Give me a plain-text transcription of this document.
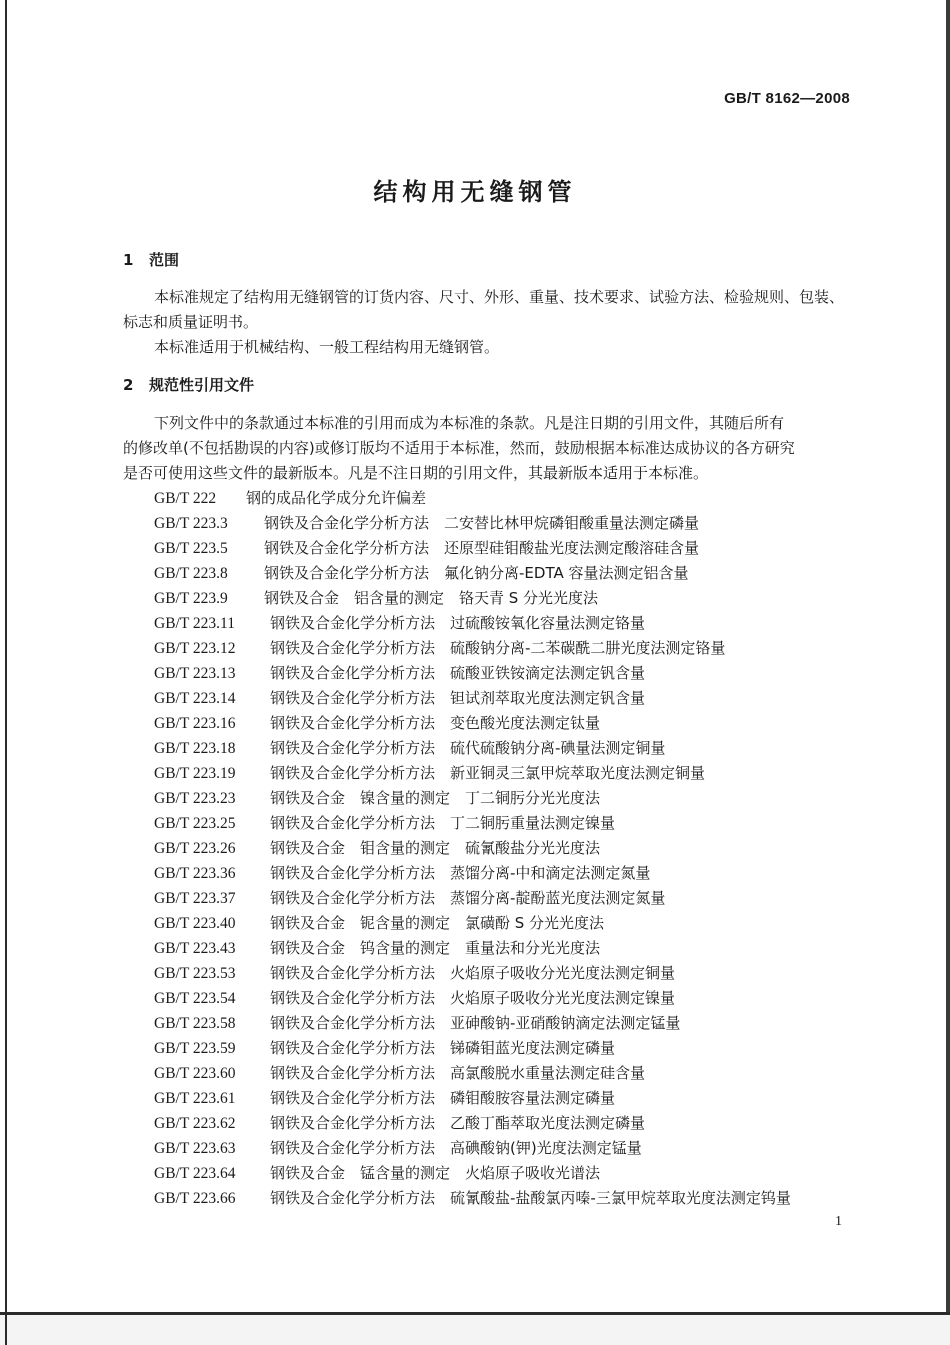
GB/T 8162—2008
结构用无缝钢管
1 范围
本标准规定了结构用无缝钢管的订货内容、尺寸、外形、重量、技术要求、试验方法、检验规则、包装、
标志和质量证明书。
本标准适用于机械结构、一般工程结构用无缝钢管。
2 规范性引用文件
下列文件中的条款通过本标准的引用而成为本标准的条款。凡是注日期的引用文件，其随后所有
的修改单(不包括勘误的内容)或修订版均不适用于本标准，然而，鼓励根据本标准达成协议的各方研究
是否可使用这些文件的最新版本。凡是不注日期的引用文件，其最新版本适用于本标准。
GB/T 222 钢的成品化学成分允许偏差
GB/T 223.3 钢铁及合金化学分析方法　二安替比林甲烷磷钼酸重量法测定磷量
GB/T 223.5 钢铁及合金化学分析方法　还原型硅钼酸盐光度法测定酸溶硅含量
GB/T 223.8 钢铁及合金化学分析方法　氟化钠分离-EDTA 容量法测定铝含量
GB/T 223.9 钢铁及合金　铝含量的测定　铬天青 S 分光光度法
GB/T 223.11 钢铁及合金化学分析方法　过硫酸铵氧化容量法测定铬量
GB/T 223.12 钢铁及合金化学分析方法　硫酸钠分离-二苯碳酰二肼光度法测定铬量
GB/T 223.13 钢铁及合金化学分析方法　硫酸亚铁铵滴定法测定钒含量
GB/T 223.14 钢铁及合金化学分析方法　钽试剂萃取光度法测定钒含量
GB/T 223.16 钢铁及合金化学分析方法　变色酸光度法测定钛量
GB/T 223.18 钢铁及合金化学分析方法　硫代硫酸钠分离-碘量法测定铜量
GB/T 223.19 钢铁及合金化学分析方法　新亚铜灵三氯甲烷萃取光度法测定铜量
GB/T 223.23 钢铁及合金　镍含量的测定　丁二铜肟分光光度法
GB/T 223.25 钢铁及合金化学分析方法　丁二铜肟重量法测定镍量
GB/T 223.26 钢铁及合金　钼含量的测定　硫氰酸盐分光光度法
GB/T 223.36 钢铁及合金化学分析方法　蒸馏分离-中和滴定法测定氮量
GB/T 223.37 钢铁及合金化学分析方法　蒸馏分离-靛酚蓝光度法测定氮量
GB/T 223.40 钢铁及合金　铌含量的测定　氯磺酚 S 分光光度法
GB/T 223.43 钢铁及合金　钨含量的测定　重量法和分光光度法
GB/T 223.53 钢铁及合金化学分析方法　火焰原子吸收分光光度法测定铜量
GB/T 223.54 钢铁及合金化学分析方法　火焰原子吸收分光光度法测定镍量
GB/T 223.58 钢铁及合金化学分析方法　亚砷酸钠-亚硝酸钠滴定法测定锰量
GB/T 223.59 钢铁及合金化学分析方法　锑磷钼蓝光度法测定磷量
GB/T 223.60 钢铁及合金化学分析方法　高氯酸脱水重量法测定硅含量
GB/T 223.61 钢铁及合金化学分析方法　磷钼酸胺容量法测定磷量
GB/T 223.62 钢铁及合金化学分析方法　乙酸丁酯萃取光度法测定磷量
GB/T 223.63 钢铁及合金化学分析方法　高碘酸钠(钾)光度法测定锰量
GB/T 223.64 钢铁及合金　锰含量的测定　火焰原子吸收光谱法
GB/T 223.66 钢铁及合金化学分析方法　硫氰酸盐-盐酸氯丙嗪-三氯甲烷萃取光度法测定钨量
1
